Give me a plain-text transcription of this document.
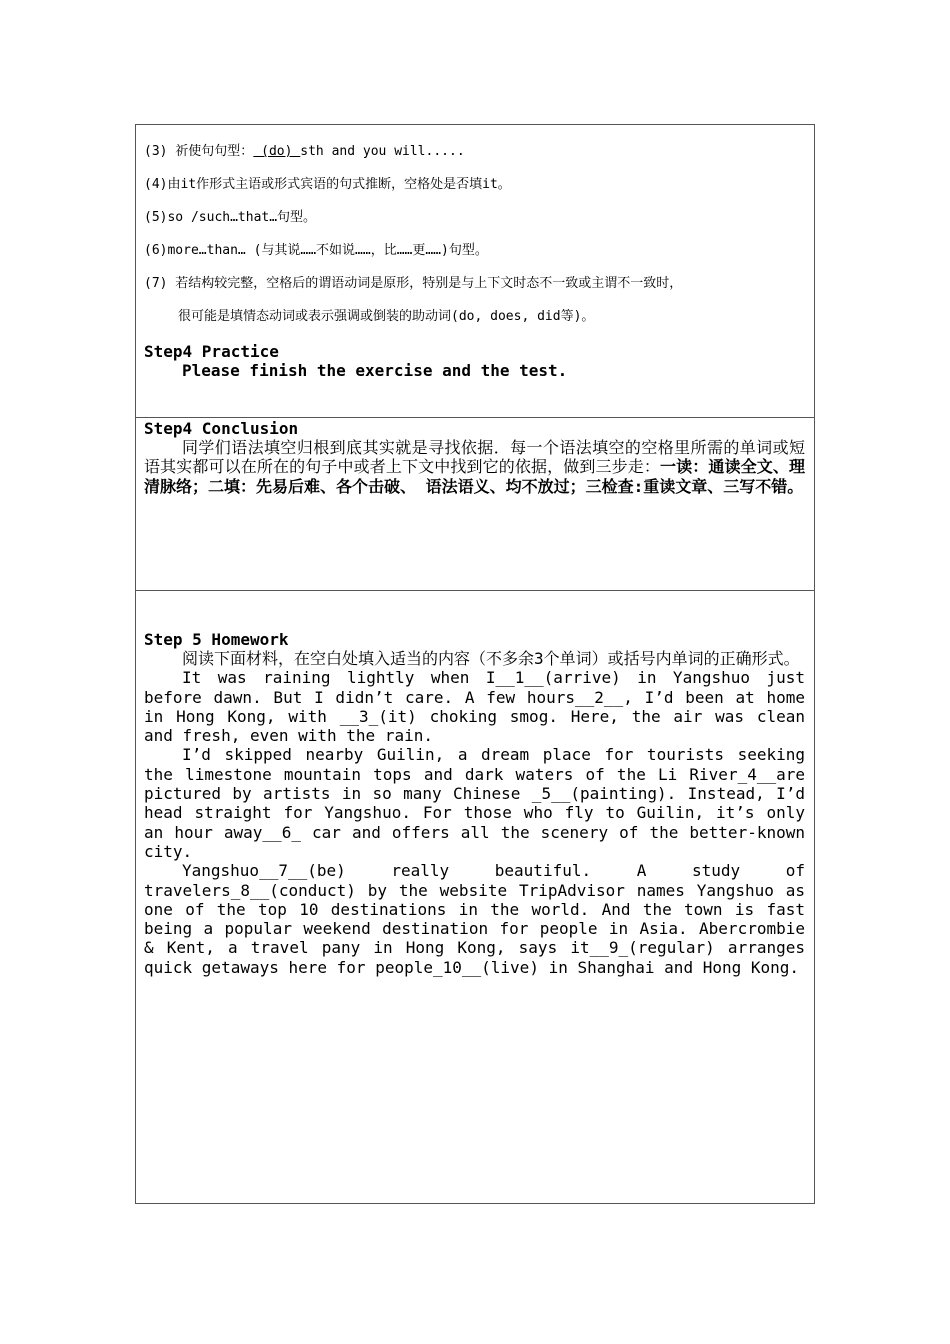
(3) 祈使句句型： (do) sth and you will.....

(4)由it作形式主语或形式宾语的句式推断，空格处是否填it。

(5)so /such…that…句型。

(6)more…than… (与其说……不如说……，比……更……)句型。

(7) 若结构较完整，空格后的谓语动词是原形，特别是与上下文时态不一致或主谓不一致时，

很可能是填情态动词或表示强调或倒装的助动词(do, does, did等)。

Step4 Practice

Please finish the exercise and the test.

Step4 Conclusion

同学们语法填空归根到底其实就是寻找依据．每一个语法填空的空格里所需的单词或短语其实都可以在所在的句子中或者上下文中找到它的依据，做到三步走：一读：通读全文、理清脉络；二填：先易后难、各个击破、 语法语义、均不放过；三检查:重读文章、三写不错。

Step 5 Homework

阅读下面材料，在空白处填入适当的内容（不多余3个单词）或括号内单词的正确形式。

It was raining lightly when I__1__(arrive) in Yangshuo just before dawn. But I didn’t care. A few hours__2__, I’d been at home in Hong Kong, with __3_(it) choking smog. Here, the air was clean and fresh, even with the rain.

I’d skipped nearby Guilin, a dream place for tourists seeking the limestone mountain tops and dark waters of the Li River_4__are pictured by artists in so many Chinese _5__(painting). Instead, I’d head straight for Yangshuo. For those who fly to Guilin, it’s only an hour away__6_ car and offers all the scenery of the better-known city.

Yangshuo__7__(be) really beautiful. A study of travelers_8__(conduct) by the website TripAdvisor names Yangshuo as one of the top 10 destinations in the world. And the town is fast being a popular weekend destination for people in Asia. Abercrombie & Kent, a travel pany in Hong Kong, says it__9_(regular) arranges quick getaways here for people_10__(live) in Shanghai and Hong Kong.
